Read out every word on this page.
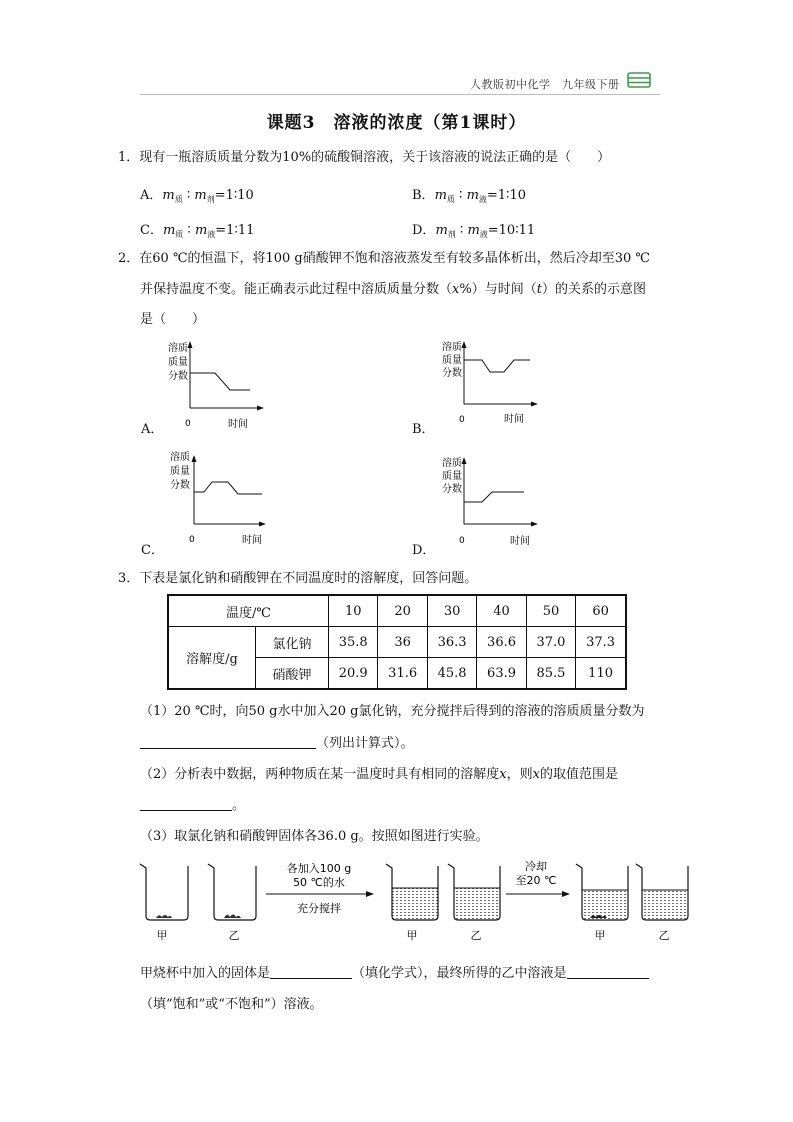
人教版初中化学　九年级下册
课题3　溶液的浓度（第1课时）
1．现有一瓶溶质质量分数为10%的硫酸铜溶液，关于该溶液的说法正确的是（　　）
A．$m_质$ ∶ $m_剂=1∶10$	B．$m_质$ ∶ $m_液=1∶10$
C．$m_质$ ∶ $m_液=1∶11$	D．$m_剂$ ∶ $m_液=10∶11$
2．在60 ℃的恒温下，将100 g硝酸钾不饱和溶液蒸发至有较多晶体析出，然后冷却至30 ℃
并保持温度不变。能正确表示此过程中溶质质量分数（x%）与时间（t）的关系的示意图
是（　　）
A．
溶质
质量
分数
0	时间	B．
溶质
质量
分数
0	时间
C．
溶质
质量
分数
0	时间
D．
溶质
质量
分数
0	时间
3．下表是氯化钠和硝酸钾在不同温度时的溶解度，回答问题。
温度/℃		10	20	30	40	50	60
溶解度/g	氯化钠	35.8	36	36.3	36.6	37.0	37.3
	硝酸钾	20.9	31.6	45.8	63.9	85.5	110
（1）20 ℃时，向50 g水中加入20 g氯化钠，充分搅拌后得到的溶液的溶质质量分数为
（列出计算式）。
（2）分析表中数据，两种物质在某一温度时具有相同的溶解度x，则x的取值范围是
。
（3）取氯化钠和硝酸钾固体各36.0 g。按照如图进行实验。
甲	乙
各加入100 g
50 ℃的水
充分搅拌
甲	乙
冷却
至20 ℃
甲	乙
甲烧杯中加入的固体是	（填化学式），最终所得的乙中溶液是
（填“饱和”或“不饱和”）溶液。
